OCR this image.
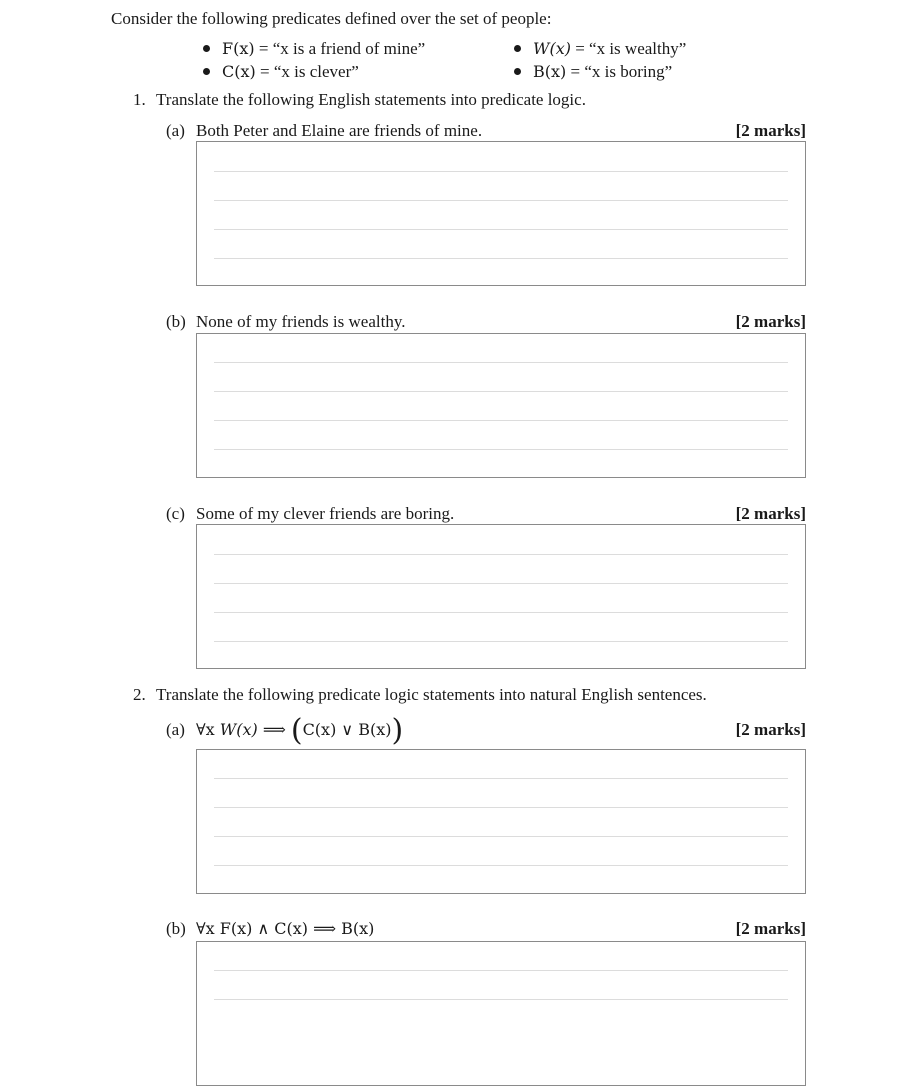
Consider the following predicates defined over the set of people:
F(x) = “x is a friend of mine”	W(x) = “x is wealthy”
C(x) = “x is clever”	B(x) = “x is boring”
1. Translate the following English statements into predicate logic.
(a) Both Peter and Elaine are friends of mine.	[2 marks]
(b) None of my friends is wealthy.	[2 marks]
(c) Some of my clever friends are boring.	[2 marks]
2. Translate the following predicate logic statements into natural English sentences.
(a) ∀x W(x) ⟹ (C(x) ∨ B(x))	[2 marks]
(b) ∀x F(x) ∧ C(x) ⟹ B(x)	[2 marks]
